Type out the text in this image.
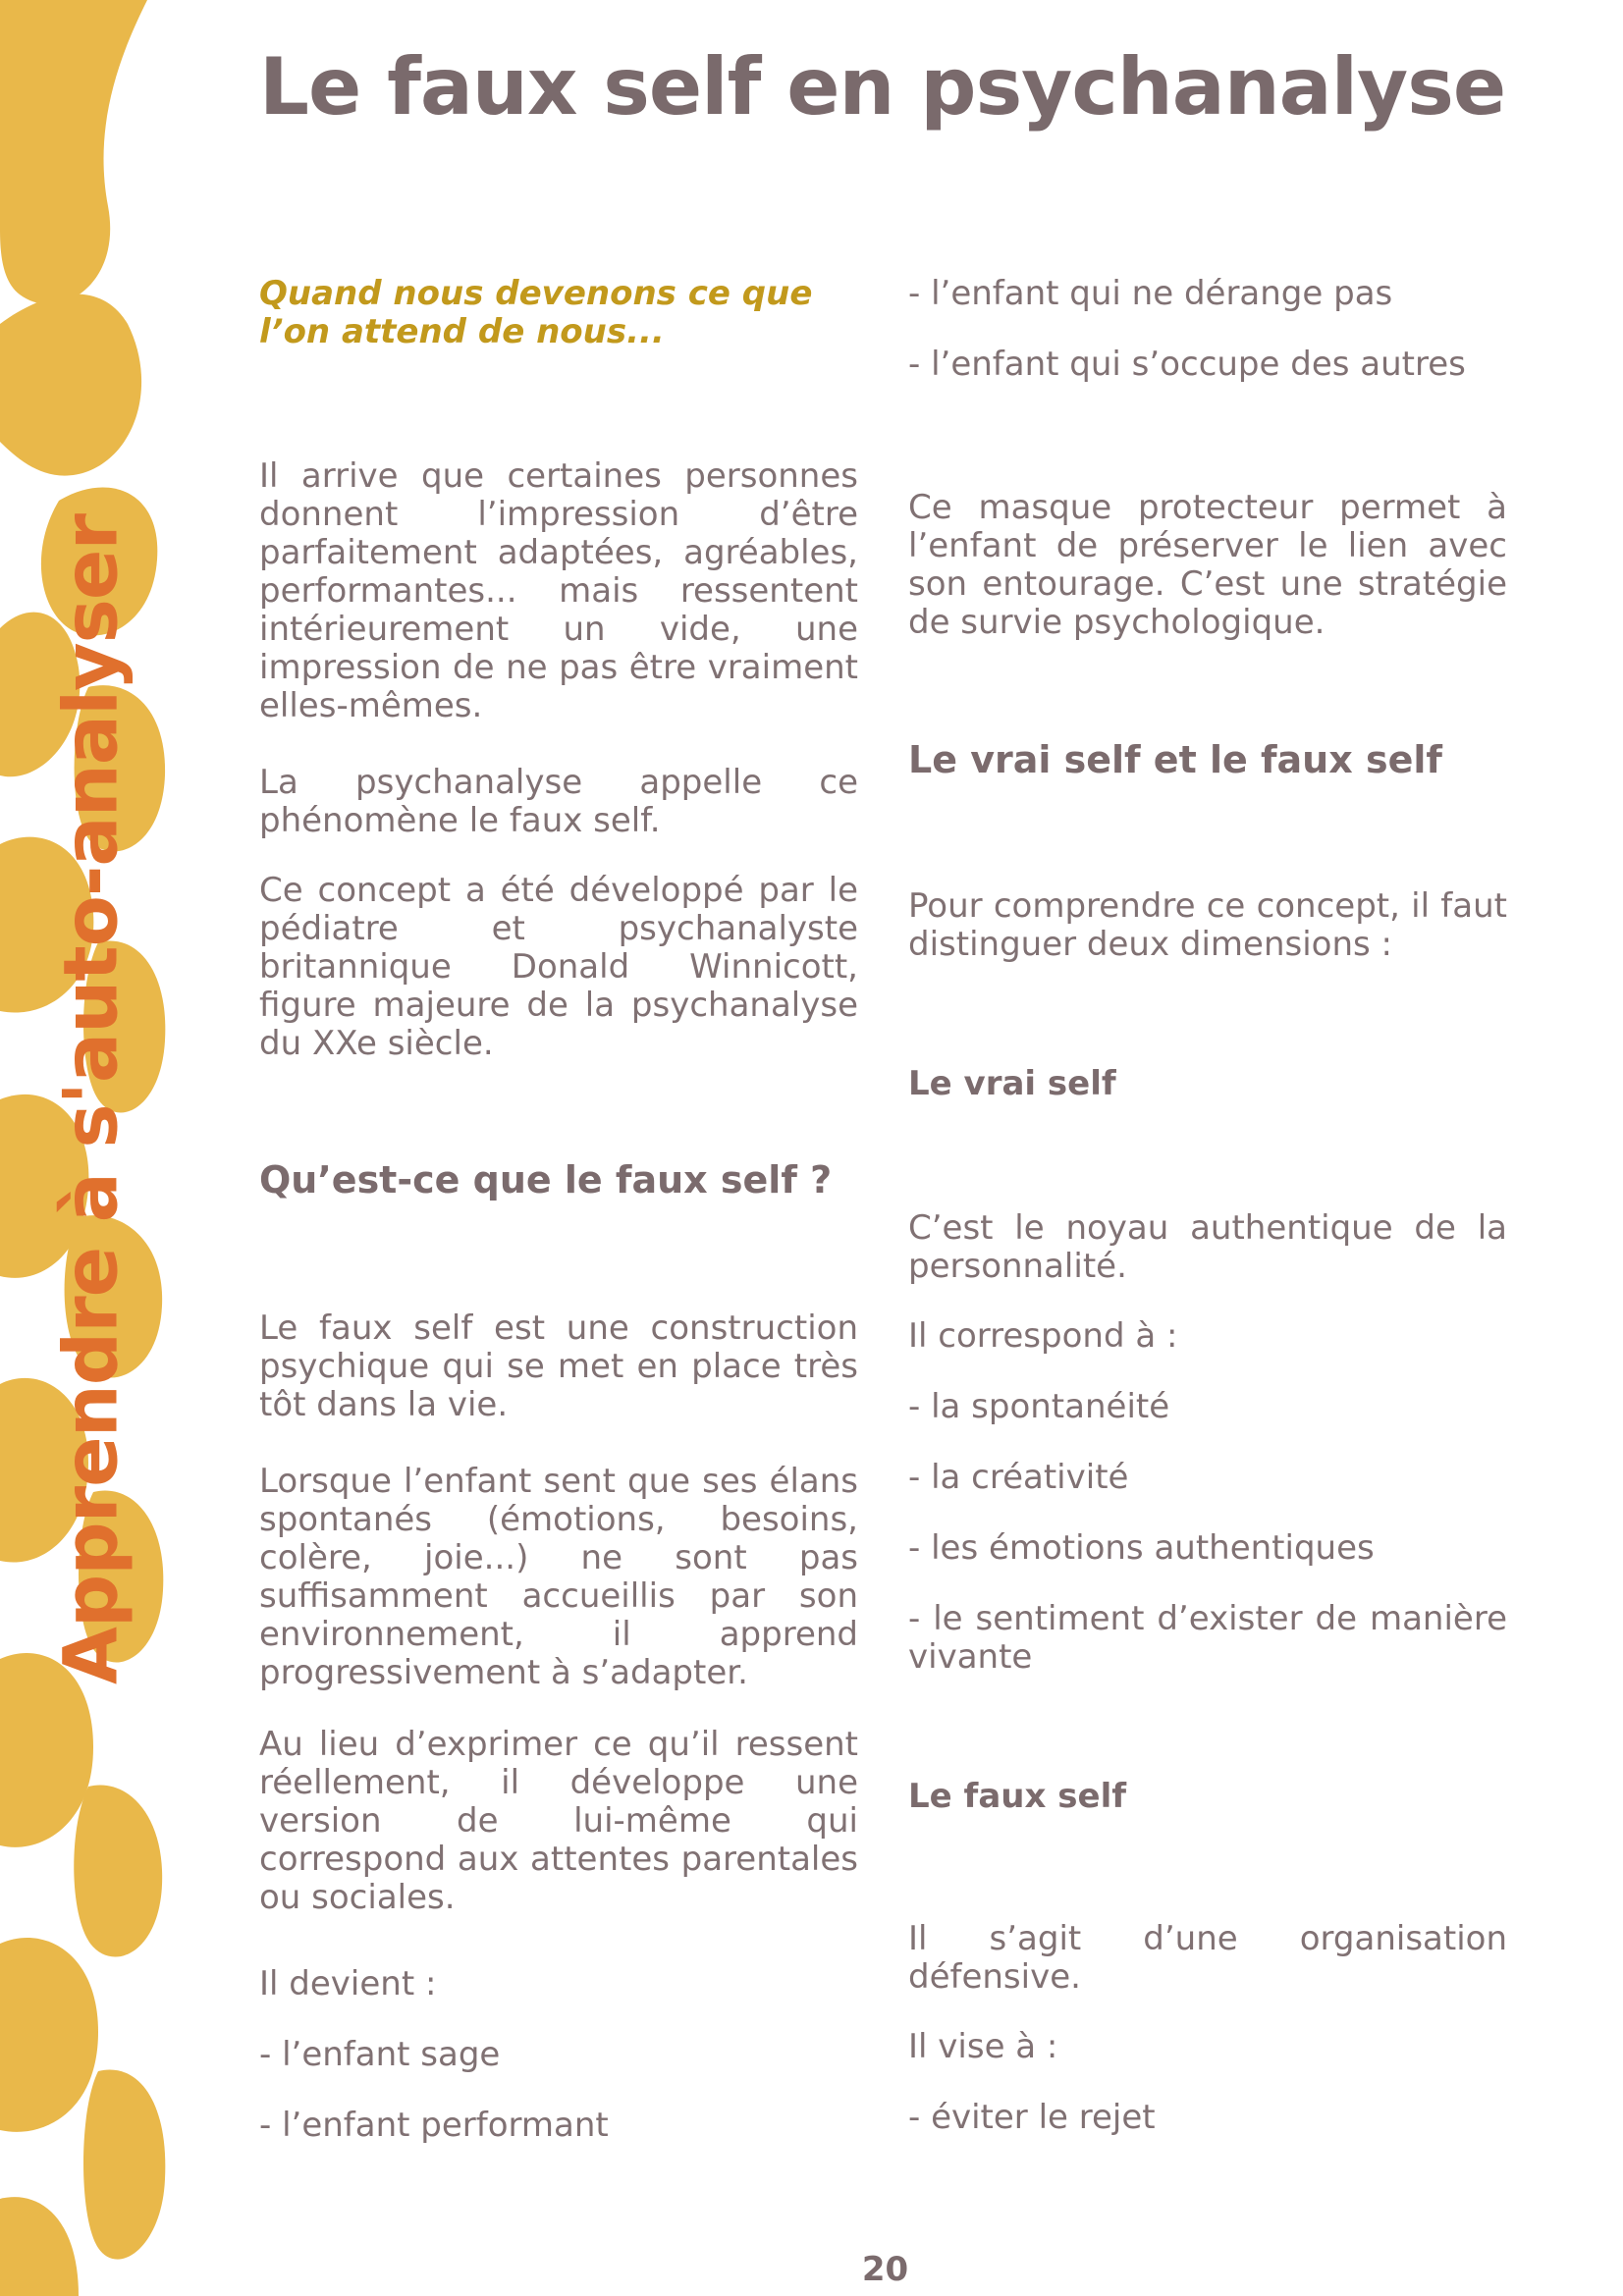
Apprendre à s'auto-analyser
Le faux self en psychanalyse

Quand nous devenons ce que l’on attend de nous...

Il arrive que certaines personnes donnent l’impression d’être parfaitement adaptées, agréables, performantes... mais ressentent intérieurement un vide, une impression de ne pas être vraiment elles-mêmes.

La psychanalyse appelle ce phénomène le faux self.

Ce concept a été développé par le pédiatre et psychanalyste britannique Donald Winnicott, figure majeure de la psychanalyse du XXe siècle.

Qu’est-ce que le faux self ?

Le faux self est une construction psychique qui se met en place très tôt dans la vie.

Lorsque l’enfant sent que ses élans spontanés (émotions, besoins, colère, joie...) ne sont pas suffisamment accueillis par son environnement, il apprend progressivement à s’adapter.

Au lieu d’exprimer ce qu’il ressent réellement, il développe une version de lui-même qui correspond aux attentes parentales ou sociales.

Il devient :

- l’enfant sage

- l’enfant performant

- l’enfant qui ne dérange pas

- l’enfant qui s’occupe des autres

Ce masque protecteur permet à l’enfant de préserver le lien avec son entourage. C’est une stratégie de survie psychologique.

Le vrai self et le faux self

Pour comprendre ce concept, il faut distinguer deux dimensions :

Le vrai self

C’est le noyau authentique de la personnalité.

Il correspond à :

- la spontanéité

- la créativité

- les émotions authentiques

- le sentiment d’exister de manière vivante

Le faux self

Il s’agit d’une organisation défensive.

Il vise à :

- éviter le rejet

20
